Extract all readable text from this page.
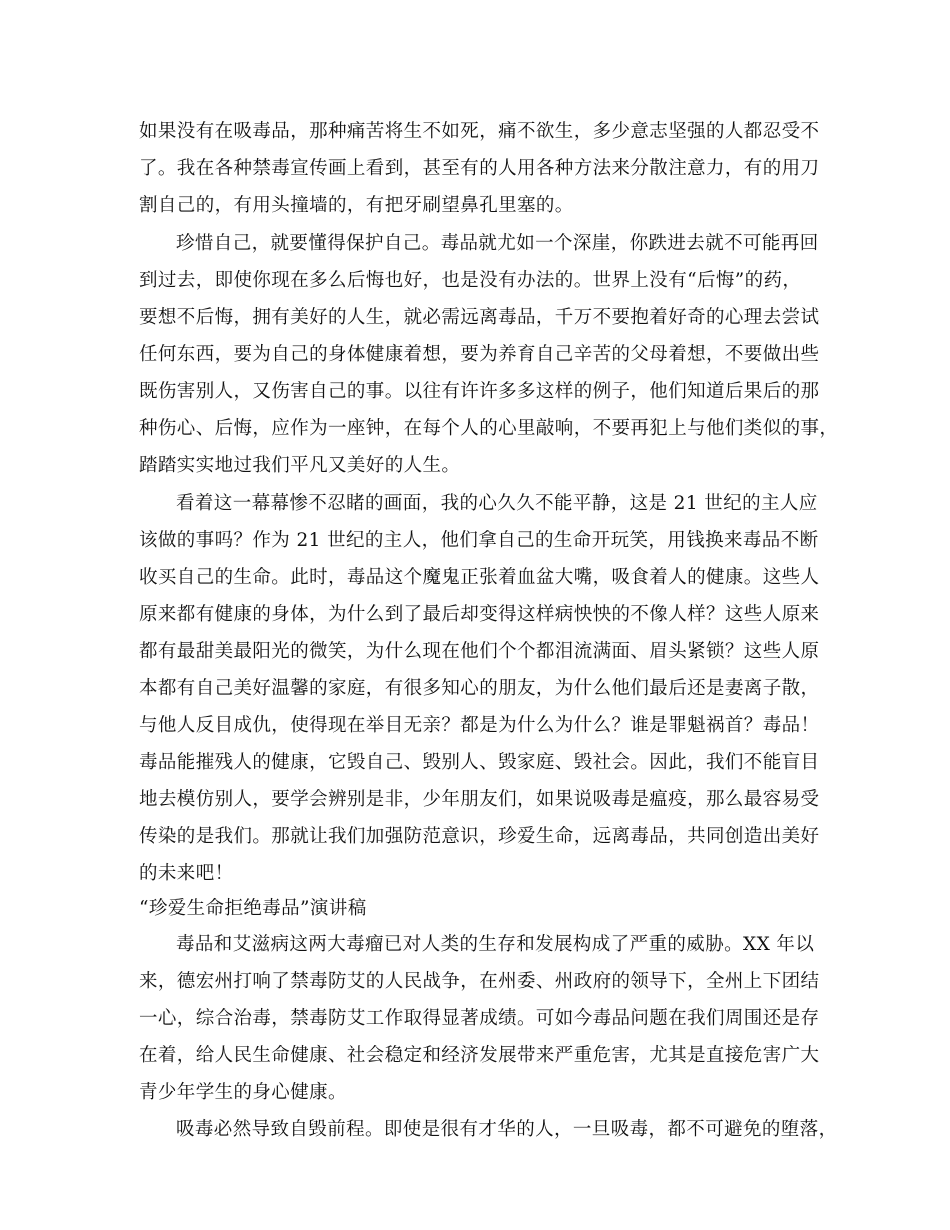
如果没有在吸毒品，那种痛苦将生不如死，痛不欲生，多少意志坚强的人都忍受不
了。我在各种禁毒宣传画上看到，甚至有的人用各种方法来分散注意力，有的用刀
割自己的，有用头撞墙的，有把牙刷望鼻孔里塞的。
珍惜自己，就要懂得保护自己。毒品就尤如一个深崖，你跌进去就不可能再回
到过去，即使你现在多么后悔也好，也是没有办法的。世界上没有“后悔”的药，
要想不后悔，拥有美好的人生，就必需远离毒品，千万不要抱着好奇的心理去尝试
任何东西，要为自己的身体健康着想，要为养育自己辛苦的父母着想，不要做出些
既伤害别人，又伤害自己的事。以往有许许多多这样的例子，他们知道后果后的那
种伤心、后悔，应作为一座钟，在每个人的心里敲响，不要再犯上与他们类似的事，
踏踏实实地过我们平凡又美好的人生。
看着这一幕幕惨不忍睹的画面，我的心久久不能平静，这是 21 世纪的主人应
该做的事吗？作为 21 世纪的主人，他们拿自己的生命开玩笑，用钱换来毒品不断
收买自己的生命。此时，毒品这个魔鬼正张着血盆大嘴，吸食着人的健康。这些人
原来都有健康的身体，为什么到了最后却变得这样病怏怏的不像人样？这些人原来
都有最甜美最阳光的微笑，为什么现在他们个个都泪流满面、眉头紧锁？这些人原
本都有自己美好温馨的家庭，有很多知心的朋友，为什么他们最后还是妻离子散，
与他人反目成仇，使得现在举目无亲？都是为什么为什么？谁是罪魁祸首？毒品！
毒品能摧残人的健康，它毁自己、毁别人、毁家庭、毁社会。因此，我们不能盲目
地去模仿别人，要学会辨别是非，少年朋友们，如果说吸毒是瘟疫，那么最容易受
传染的是我们。那就让我们加强防范意识，珍爱生命，远离毒品，共同创造出美好
的未来吧！
“珍爱生命拒绝毒品”演讲稿
毒品和艾滋病这两大毒瘤已对人类的生存和发展构成了严重的威胁。XX 年以
来，德宏州打响了禁毒防艾的人民战争，在州委、州政府的领导下，全州上下团结
一心，综合治毒，禁毒防艾工作取得显著成绩。可如今毒品问题在我们周围还是存
在着，给人民生命健康、社会稳定和经济发展带来严重危害，尤其是直接危害广大
青少年学生的身心健康。
吸毒必然导致自毁前程。即使是很有才华的人，一旦吸毒，都不可避免的堕落，
